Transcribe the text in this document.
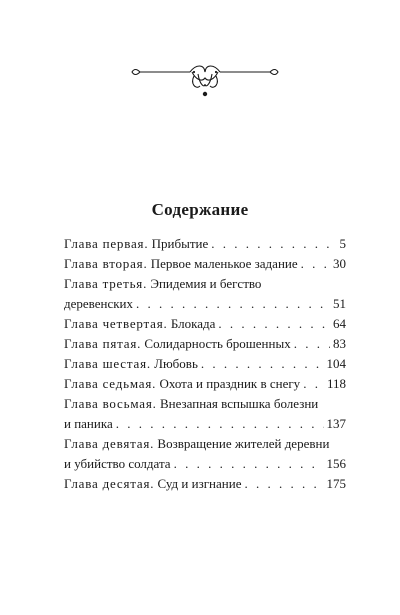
Содержание
Глава первая. Прибытие . . .	5
Глава вторая. Первое маленькое задание . . .	30
Глава третья. Эпидемия и бегство
деревенских . . .	51
Глава четвертая. Блокада . . .	64
Глава пятая. Солидарность брошенных . . .	83
Глава шестая. Любовь . . .	104
Глава седьмая. Охота и праздник в снегу . . . 118
Глава восьмая. Внезапная вспышка болезни
и паника . . .	137
Глава девятая. Возвращение жителей деревни
и убийство солдата . . .	156
Глава десятая. Суд и изгнание . . .	175
